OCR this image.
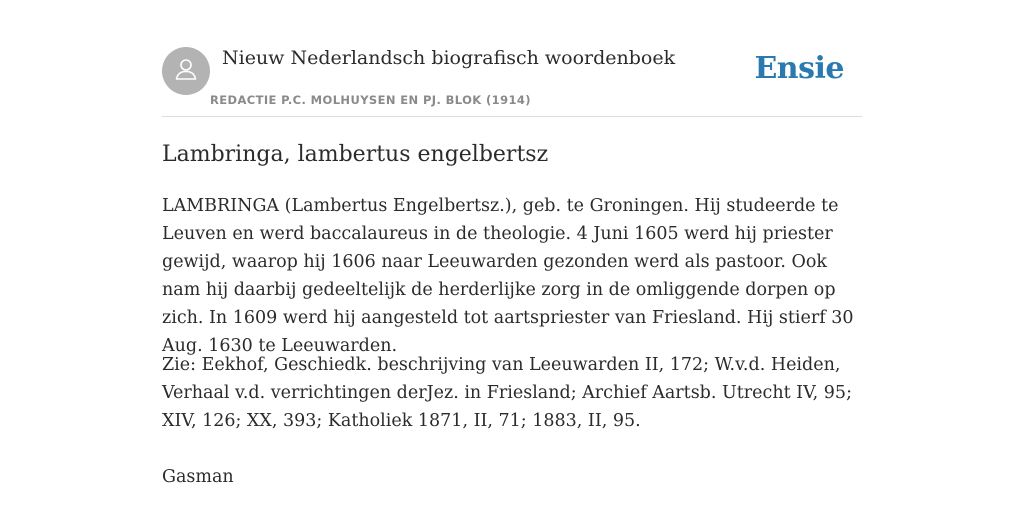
Nieuw Nederlandsch biografisch woordenboek
REDACTIE P.C. MOLHUYSEN EN PJ. BLOK (1914)
Ensie
Lambringa, lambertus engelbertsz

LAMBRINGA (Lambertus Engelbertsz.), geb. te Groningen. Hij studeerde te Leuven en werd baccalaureus in de theologie. 4 Juni 1605 werd hij priester gewijd, waarop hij 1606 naar Leeuwarden gezonden werd als pastoor. Ook nam hij daarbij gedeeltelijk de herderlijke zorg in de omliggende dorpen op zich. In 1609 werd hij aangesteld tot aartspriester van Friesland. Hij stierf 30 Aug. 1630 te Leeuwarden.

Zie: Eekhof, Geschiedk. beschrijving van Leeuwarden II, 172; W.v.d. Heiden, Verhaal v.d. verrichtingen derJez. in Friesland; Archief Aartsb. Utrecht IV, 95; XIV, 126; XX, 393; Katholiek 1871, II, 71; 1883, II, 95.

Gasman
